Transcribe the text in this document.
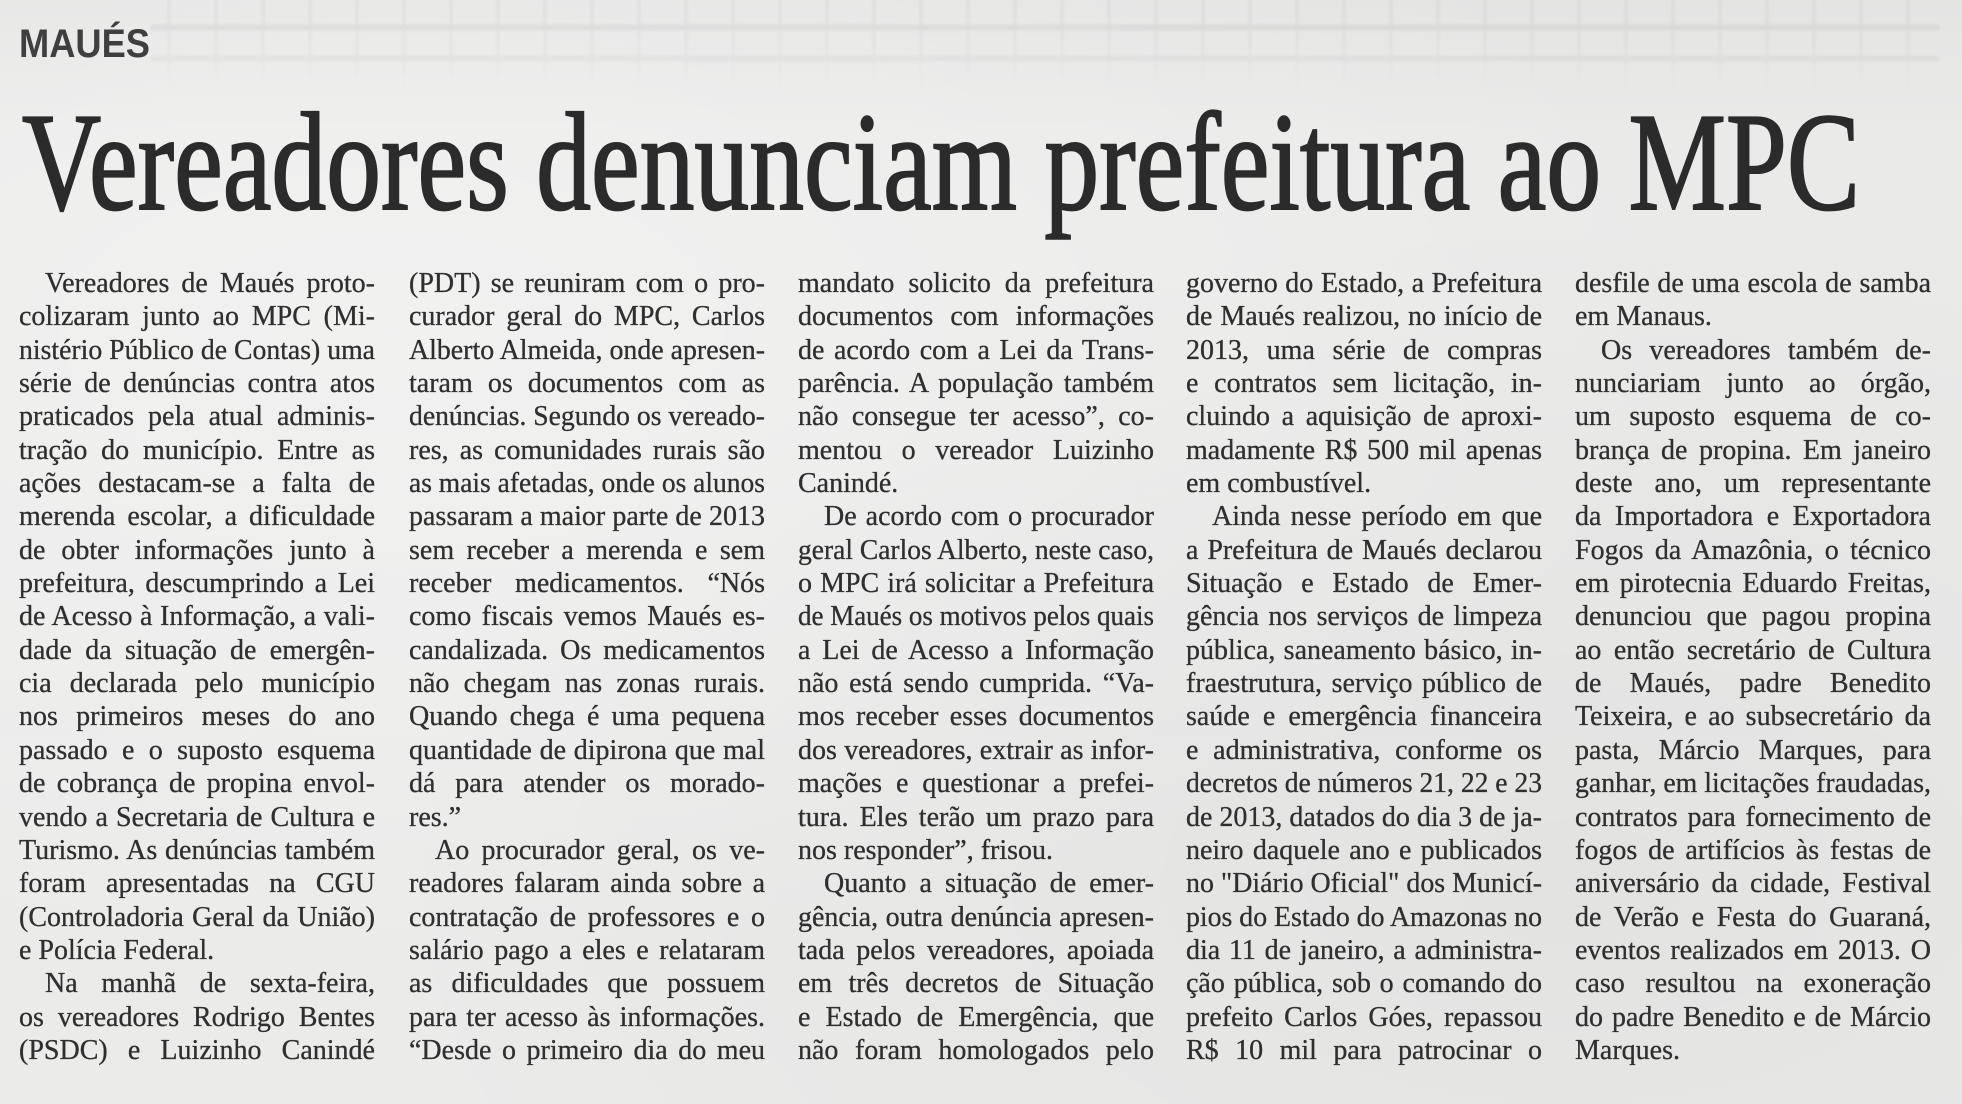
MAUÉS
Vereadores denunciam prefeitura ao MPC
Vereadores de Maués proto-
colizaram junto ao MPC (Mi-
nistério Público de Contas) uma
série de denúncias contra atos
praticados pela atual adminis-
tração do município. Entre as
ações destacam-se a falta de
merenda escolar, a dificuldade
de obter informações junto à
prefeitura, descumprindo a Lei
de Acesso à Informação, a vali-
dade da situação de emergên-
cia declarada pelo município
nos primeiros meses do ano
passado e o suposto esquema
de cobrança de propina envol-
vendo a Secretaria de Cultura e
Turismo. As denúncias também
foram apresentadas na CGU
(Controladoria Geral da União)
e Polícia Federal.
Na manhã de sexta-feira,
os vereadores Rodrigo Bentes
(PSDC) e Luizinho Canindé
(PDT) se reuniram com o pro-
curador geral do MPC, Carlos
Alberto Almeida, onde apresen-
taram os documentos com as
denúncias. Segundo os vereado-
res, as comunidades rurais são
as mais afetadas, onde os alunos
passaram a maior parte de 2013
sem receber a merenda e sem
receber medicamentos. “Nós
como fiscais vemos Maués es-
candalizada. Os medicamentos
não chegam nas zonas rurais.
Quando chega é uma pequena
quantidade de dipirona que mal
dá para atender os morado-
res.”
Ao procurador geral, os ve-
readores falaram ainda sobre a
contratação de professores e o
salário pago a eles e relataram
as dificuldades que possuem
para ter acesso às informações.
“Desde o primeiro dia do meu
mandato solicito da prefeitura
documentos com informações
de acordo com a Lei da Trans-
parência. A população também
não consegue ter acesso”, co-
mentou o vereador Luizinho
Canindé.
De acordo com o procurador
geral Carlos Alberto, neste caso,
o MPC irá solicitar a Prefeitura
de Maués os motivos pelos quais
a Lei de Acesso a Informação
não está sendo cumprida. “Va-
mos receber esses documentos
dos vereadores, extrair as infor-
mações e questionar a prefei-
tura. Eles terão um prazo para
nos responder”, frisou.
Quanto a situação de emer-
gência, outra denúncia apresen-
tada pelos vereadores, apoiada
em três decretos de Situação
e Estado de Emergência, que
não foram homologados pelo
governo do Estado, a Prefeitura
de Maués realizou, no início de
2013, uma série de compras
e contratos sem licitação, in-
cluindo a aquisição de aproxi-
madamente R$ 500 mil apenas
em combustível.
Ainda nesse período em que
a Prefeitura de Maués declarou
Situação e Estado de Emer-
gência nos serviços de limpeza
pública, saneamento básico, in-
fraestrutura, serviço público de
saúde e emergência financeira
e administrativa, conforme os
decretos de números 21, 22 e 23
de 2013, datados do dia 3 de ja-
neiro daquele ano e publicados
no "Diário Oficial" dos Municí-
pios do Estado do Amazonas no
dia 11 de janeiro, a administra-
ção pública, sob o comando do
prefeito Carlos Góes, repassou
R$ 10 mil para patrocinar o
desfile de uma escola de samba
em Manaus.
Os vereadores também de-
nunciariam junto ao órgão,
um suposto esquema de co-
brança de propina. Em janeiro
deste ano, um representante
da Importadora e Exportadora
Fogos da Amazônia, o técnico
em pirotecnia Eduardo Freitas,
denunciou que pagou propina
ao então secretário de Cultura
de Maués, padre Benedito
Teixeira, e ao subsecretário da
pasta, Márcio Marques, para
ganhar, em licitações fraudadas,
contratos para fornecimento de
fogos de artifícios às festas de
aniversário da cidade, Festival
de Verão e Festa do Guaraná,
eventos realizados em 2013. O
caso resultou na exoneração
do padre Benedito e de Márcio
Marques.
